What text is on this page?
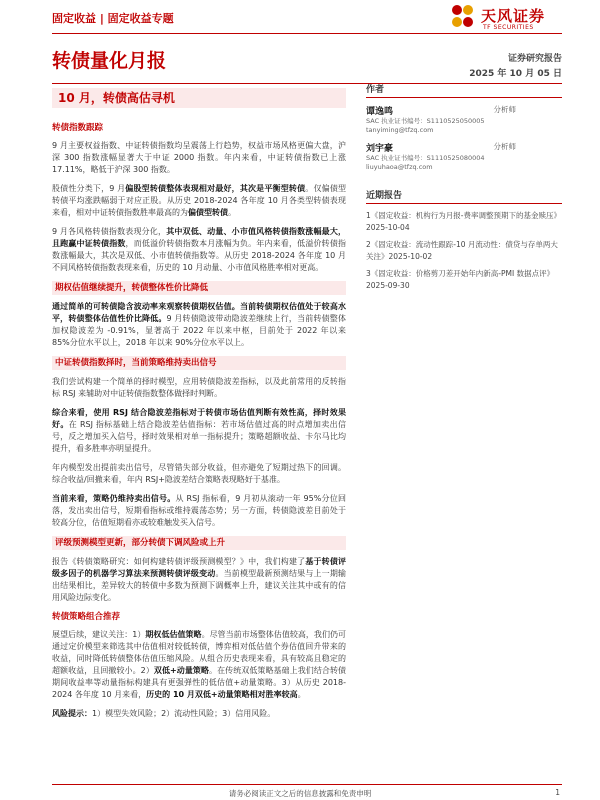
固定收益 | 固定收益专题	天风证券
TF SECURITIES
转债量化月报	证券研究报告
2025 年 10 月 05 日
10 月，转债高估寻机
转债指数跟踪

9 月主要权益指数、中证转债指数均呈震荡上行趋势，权益市场风格更偏大盘，沪深 300 指数涨幅显著大于中证 2000 指数。年内来看，中证转债指数已上涨 17.11%，略低于沪深 300 指数。

股债性分类下，9 月偏股型转债整体表现相对最好，其次是平衡型转债。仅偏债型转债平均涨跌幅弱于对应正股。从历史 2018-2024 各年度 10 月各类型转债表现来看，相对中证转债指数胜率最高的为偏债型转债。

9 月各风格转债指数表现分化，其中双低、动量、小市值风格转债指数涨幅最大，且跑赢中证转债指数，而低溢价转债指数本月涨幅为负。年内来看，低溢价转债指数涨幅最大，其次是双低、小市值转债指数等。从历史 2018-2024 各年度 10 月不同风格转债指数表现来看，历史的 10 月动量、小市值风格胜率相对更高。

期权估值继续提升，转债整体性价比降低

通过简单的可转债隐含波动率来观察转债期权估值。当前转债期权估值处于较高水平，转债整体估值性价比降低。9 月转债隐波带动隐波差继续上行，当前转债整体加权隐波差为 -0.91%，显著高于 2022 年以来中枢，目前处于 2022 年以来 85%分位水平以上，2018 年以来 90%分位水平以上。

中证转债指数择时，当前策略维持卖出信号

我们尝试构建一个简单的择时模型，应用转债隐波差指标，以及此前常用的反转指标 RSJ 来辅助对中证转债指数整体做择时判断。

综合来看，使用 RSJ 结合隐波差指标对于转债市场估值判断有效性高，择时效果好。在 RSJ 指标基础上结合隐波差估值指标：若市场估值过高的时点增加卖出信号，反之增加买入信号，择时效果相对单一指标提升；策略超额收益、卡尔马比均提升，看多胜率亦明显提升。

年内模型发出提前卖出信号，尽管错失部分收益，但亦避免了短期过热下的回调。综合收益/回撤来看，年内 RSJ+隐波差结合策略表现略好于基准。

当前来看，策略仍维持卖出信号。从 RSJ 指标看，9 月初从滚动一年 95%分位回落，发出卖出信号，短期看指标或维持震荡态势；另一方面，转债隐波差目前处于较高分位，估值短期看亦或较难触发买入信号。

评级预测模型更新，部分转债下调风险或上升

报告《转债策略研究：如何构建转债评级预测模型？》中，我们构建了基于转债评级多因子的机器学习算法来预测转债评级变动。当前模型最新预测结果与上一期输出结果相比，差异较大的转债中多数为预测下调概率上升，建议关注其中或有的信用风险边际变化。

转债策略组合推荐

展望后续，建议关注：1）期权低估值策略。尽管当前市场整体估值较高，我们仍可通过定价模型来筛选其中估值相对较低转债，博弈相对低估值个券估值回升带来的收益，同时降低转债整体估值压缩风险。从组合历史表现来看，具有较高且稳定的超额收益，且回撤较小。2）双低+动量策略。在传统双低策略基础上我们结合转债期间收益率等动量指标构建具有更强弹性的低估值+动量策略。3）从历史 2018-2024 各年度 10 月来看，历史的 10 月双低+动量策略相对胜率较高。

风险提示：1）模型失效风险；2）流动性风险；3）信用风险。

作者
谭逸鸣	分析师
SAC 执业证书编号：S1110525050005
tanyiming@tfzq.com
刘宇豪	分析师
SAC 执业证书编号：S1110525080004
liuyuhaoa@tfzq.com
近期报告
1《固定收益：机构行为月报-费率调整预期下的基金赎压》 2025-10-04
2《固定收益：流动性跟踪-10 月流动性：债贷与存单两大关注》2025-10-02
3《固定收益：价格剪刀差开始年内新高-PMI 数据点评》 2025-09-30
请务必阅读正文之后的信息披露和免责申明	1
